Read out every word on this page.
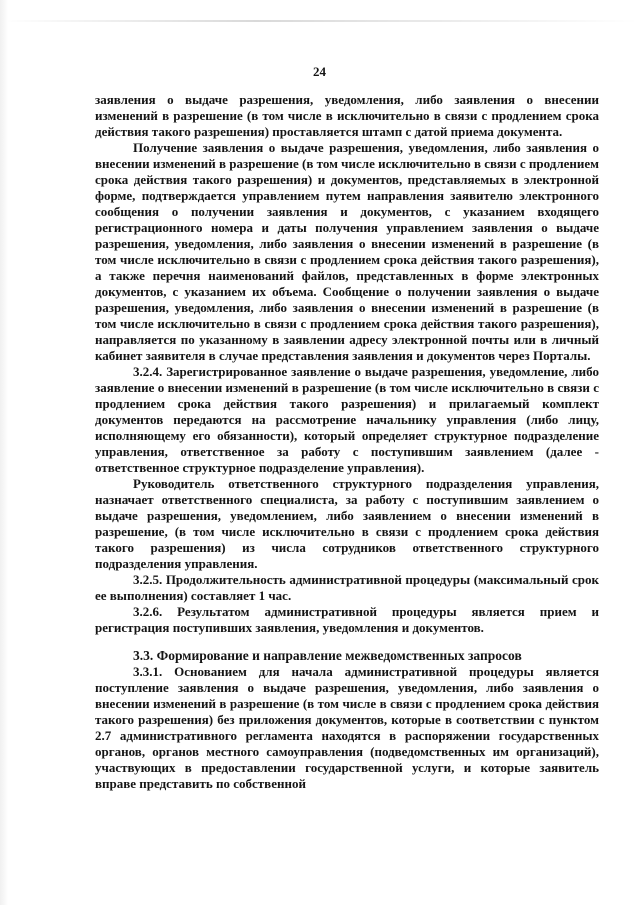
24

заявления о выдаче разрешения, уведомления, либо заявления о внесении изменений в разрешение (в том числе в исключительно в связи с продлением срока действия такого разрешения) проставляется штамп с датой приема документа.

Получение заявления о выдаче разрешения, уведомления, либо заявления о внесении изменений в разрешение (в том числе исключительно в связи с продлением срока действия такого разрешения) и документов, представляемых в электронной форме, подтверждается управлением путем направления заявителю электронного сообщения о получении заявления и документов, с указанием входящего регистрационного номера и даты получения управлением заявления о выдаче разрешения, уведомления, либо заявления о внесении изменений в разрешение (в том числе исключительно в связи с продлением срока действия такого разрешения), а также перечня наименований файлов, представленных в форме электронных документов, с указанием их объема. Сообщение о получении заявления о выдаче разрешения, уведомления, либо заявления о внесении изменений в разрешение (в том числе исключительно в связи с продлением срока действия такого разрешения), направляется по указанному в заявлении адресу электронной почты или в личный кабинет заявителя в случае представления заявления и документов через Порталы.

3.2.4. Зарегистрированное заявление о выдаче разрешения, уведомление, либо заявление о внесении изменений в разрешение (в том числе исключительно в связи с продлением срока действия такого разрешения) и прилагаемый комплект документов передаются на рассмотрение начальнику управления (либо лицу, исполняющему его обязанности), который определяет структурное подразделение управления, ответственное за работу с поступившим заявлением (далее - ответственное структурное подразделение управления).

Руководитель ответственного структурного подразделения управления, назначает ответственного специалиста, за работу с поступившим заявлением о выдаче разрешения, уведомлением, либо заявлением о внесении изменений в разрешение, (в том числе исключительно в связи с продлением срока действия такого разрешения) из числа сотрудников ответственного структурного подразделения управления.

3.2.5. Продолжительность административной процедуры (максимальный срок ее выполнения) составляет 1 час.

3.2.6. Результатом административной процедуры является прием и регистрация поступивших заявления, уведомления и документов.

3.3. Формирование и направление межведомственных запросов

3.3.1. Основанием для начала административной процедуры является поступление заявления о выдаче разрешения, уведомления, либо заявления о внесении изменений в разрешение (в том числе в связи с продлением срока действия такого разрешения) без приложения документов, которые в соответствии с пунктом 2.7 административного регламента находятся в распоряжении государственных органов, органов местного самоуправления (подведомственных им организаций), участвующих в предоставлении государственной услуги, и которые заявитель вправе представить по собственной
